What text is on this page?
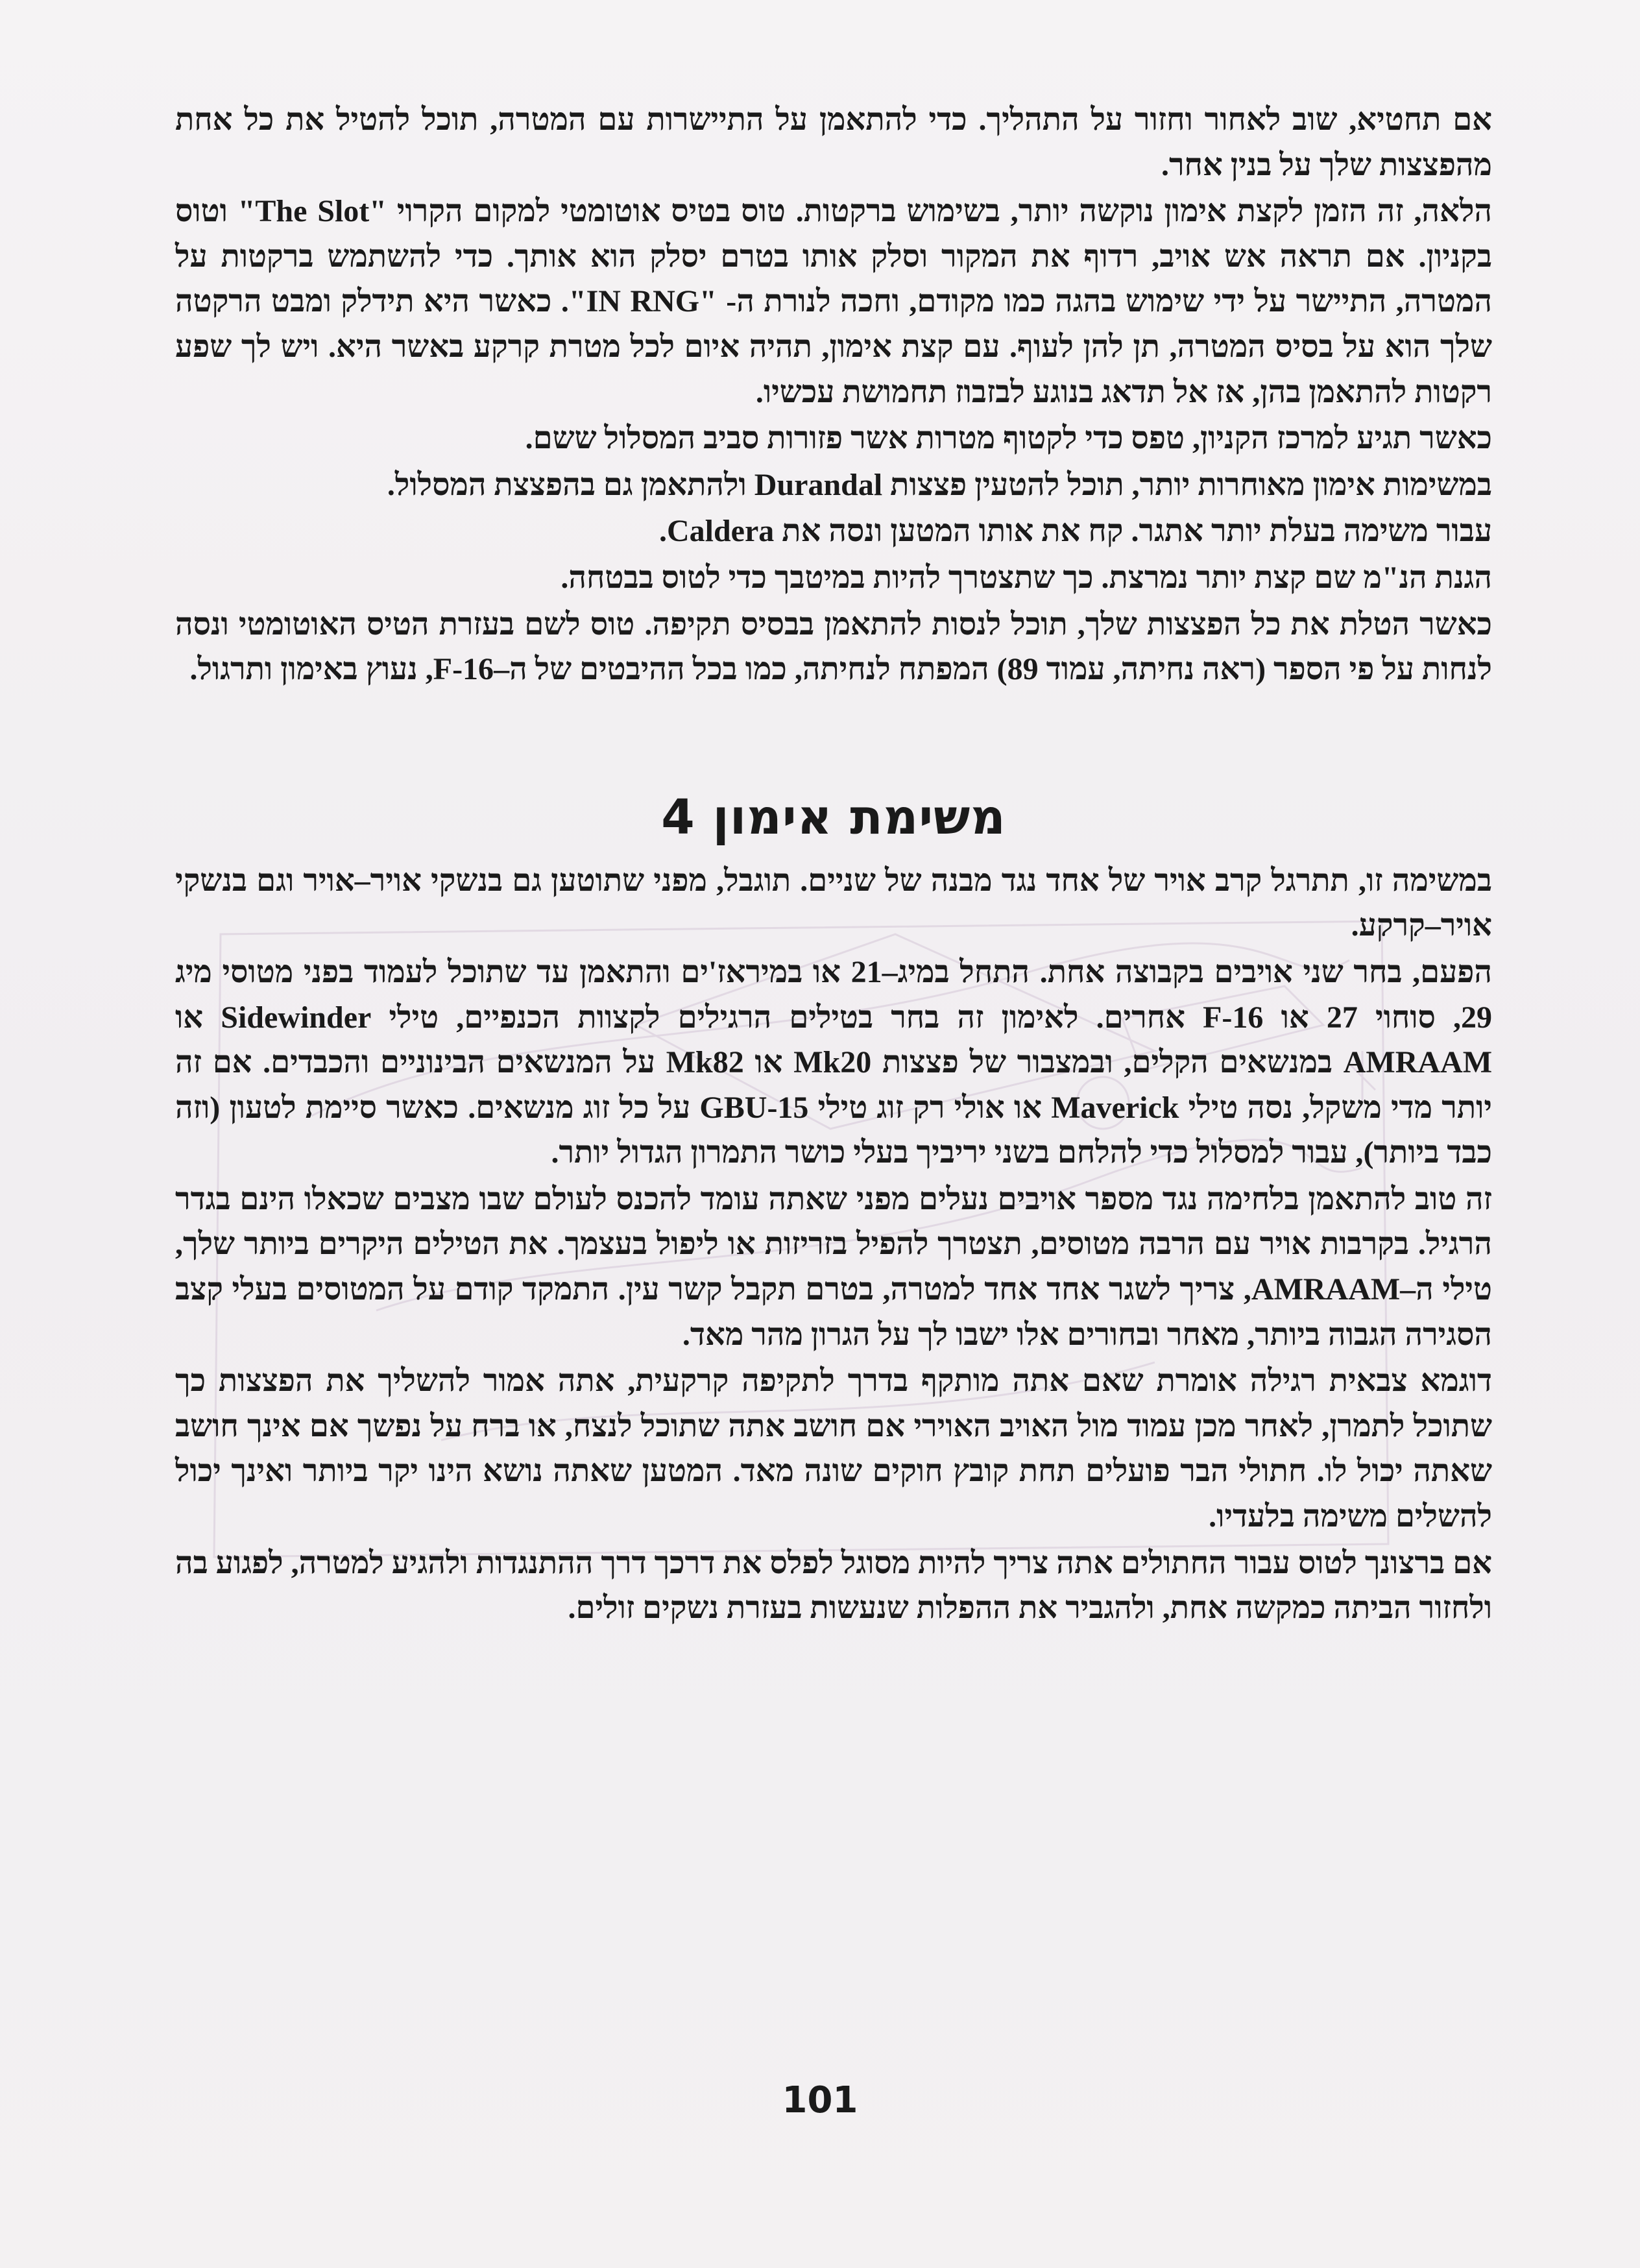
אם תחטיא, שוב לאחור וחזור על התהליך. כדי להתאמן על התיישרות עם המטרה, תוכל להטיל את כל אחת מהפצצות שלך על בנין אחר.

הלאה, זה הזמן לקצת אימון נוקשה יותר, בשימוש ברקטות. טוס בטיס אוטומטי למקום הקרוי "The Slot" וטוס בקניון. אם תראה אש אויב, רדוף את המקור וסלק אותו בטרם יסלק הוא אותך. כדי להשתמש ברקטות על המטרה, התיישר על ידי שימוש בהגה כמו מקודם, וחכה לנורת ה- "IN RNG". כאשר היא תידלק ומבט הרקטה שלך הוא על בסיס המטרה, תן להן לעוף. עם קצת אימון, תהיה איום לכל מטרת קרקע באשר היא. ויש לך שפע רקטות להתאמן בהן, אז אל תדאג בנוגע לבזבוז תחמושת עכשיו.

כאשר תגיע למרכז הקניון, טפס כדי לקטוף מטרות אשר פזורות סביב המסלול ששם.

במשימות אימון מאוחרות יותר, תוכל להטעין פצצות Durandal ולהתאמן גם בהפצצת המסלול.

עבור משימה בעלת יותר אתגר. קח את אותו המטען ונסה את Caldera.

הגנת הנ"מ שם קצת יותר נמרצת. כך שתצטרך להיות במיטבך כדי לטוס בבטחה.

כאשר הטלת את כל הפצצות שלך, תוכל לנסות להתאמן בבסיס תקיפה. טוס לשם בעזרת הטיס האוטומטי ונסה לנחות על פי הספר (ראה נחיתה, עמוד 89) המפתח לנחיתה, כמו בכל ההיבטים של ה–F-16, נעוץ באימון ותרגול.

משימת אימון 4

במשימה זו, תתרגל קרב אויר של אחד נגד מבנה של שניים. תוגבל, מפני שתוטען גם בנשקי אויר–אויר וגם בנשקי אויר–קרקע.

הפעם, בחר שני אויבים בקבוצה אחת. התחל במיג–21 או במיראז'ים והתאמן עד שתוכל לעמוד בפני מטוסי מיג 29, סוחוי 27 או F-16 אחרים. לאימון זה בחר בטילים הרגילים לקצוות הכנפיים, טילי Sidewinder או AMRAAM במנשאים הקלים, ובמצבור של פצצות Mk20 או Mk82 על המנשאים הבינוניים והכבדים. אם זה יותר מדי משקל, נסה טילי Maverick או אולי רק זוג טילי GBU-15 על כל זוג מנשאים. כאשר סיימת לטעון (וזה כבד ביותר), עבור למסלול כדי להלחם בשני יריביך בעלי כושר התמרון הגדול יותר.

זה טוב להתאמן בלחימה נגד מספר אויבים נעלים מפני שאתה עומד להכנס לעולם שבו מצבים שכאלו הינם בגדר הרגיל. בקרבות אויר עם הרבה מטוסים, תצטרך להפיל בזריזות או ליפול בעצמך. את הטילים היקרים ביותר שלך, טילי ה–AMRAAM, צריך לשגר אחד אחד למטרה, בטרם תקבל קשר עין. התמקד קודם על המטוסים בעלי קצב הסגירה הגבוה ביותר, מאחר ובחורים אלו ישבו לך על הגרון מהר מאד.

דוגמא צבאית רגילה אומרת שאם אתה מותקף בדרך לתקיפה קרקעית, אתה אמור להשליך את הפצצות כך שתוכל לתמרן, לאחר מכן עמוד מול האויב האוירי אם חושב אתה שתוכל לנצח, או ברח על נפשך אם אינך חושב שאתה יכול לו. חתולי הבר פועלים תחת קובץ חוקים שונה מאד. המטען שאתה נושא הינו יקר ביותר ואינך יכול להשלים משימה בלעדיו.

אם ברצונך לטוס עבור החתולים אתה צריך להיות מסוגל לפלס את דרכך דרך ההתנגדות ולהגיע למטרה, לפגוע בה ולחזור הביתה כמקשה אחת, ולהגביר את ההפלות שנעשות בעזרת נשקים זולים.

101
